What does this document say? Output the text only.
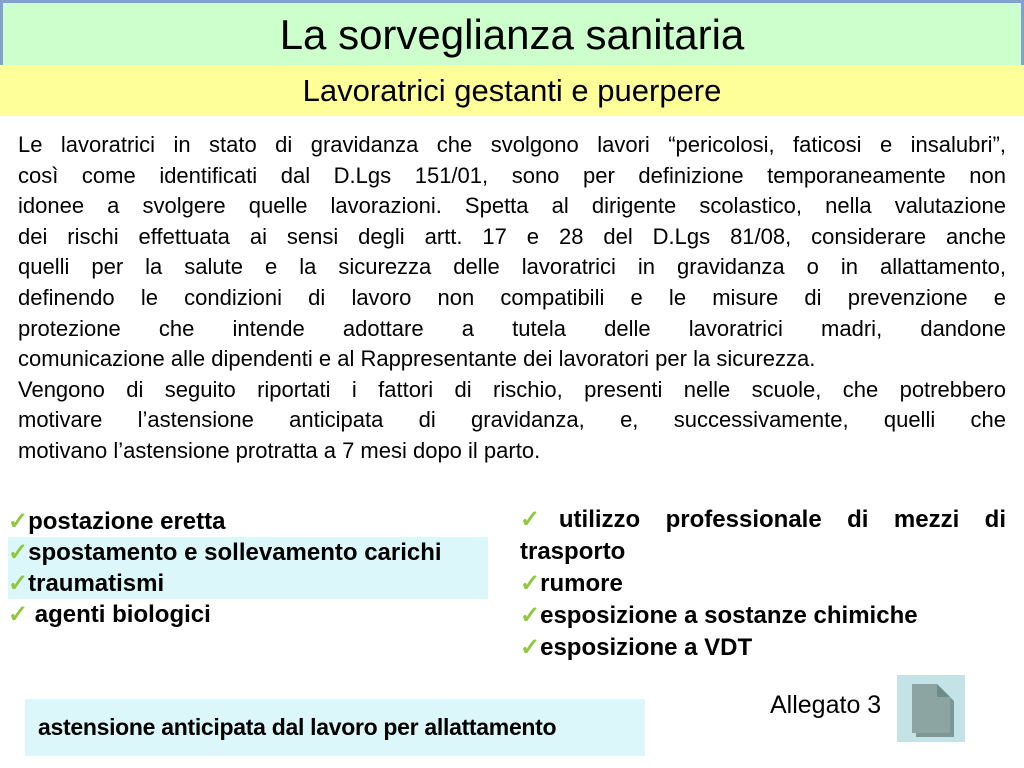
La sorveglianza sanitaria
Lavoratrici gestanti e puerpere
Le lavoratrici in stato di gravidanza che svolgono lavori “pericolosi, faticosi e insalubri”,
così come identificati dal D.Lgs 151/01, sono per definizione temporaneamente non
idonee a svolgere quelle lavorazioni. Spetta al dirigente scolastico, nella valutazione
dei rischi effettuata ai sensi degli artt. 17 e 28 del D.Lgs 81/08, considerare anche
quelli per la salute e la sicurezza delle lavoratrici in gravidanza o in allattamento,
definendo le condizioni di lavoro non compatibili e le misure di prevenzione e
protezione che intende adottare a tutela delle lavoratrici madri, dandone
comunicazione alle dipendenti e al Rappresentante dei lavoratori per la sicurezza.
Vengono di seguito riportati i fattori di rischio, presenti nelle scuole, che potrebbero
motivare l’astensione anticipata di gravidanza, e, successivamente, quelli che
motivano l’astensione protratta a 7 mesi dopo il parto.
✓postazione eretta
✓spostamento e sollevamento carichi
✓traumatismi
✓ agenti biologici
✓utilizzo professionale di mezzi di
trasporto
✓rumore
✓esposizione a sostanze chimiche
✓esposizione a VDT
astensione anticipata dal lavoro per allattamento
Allegato 3
